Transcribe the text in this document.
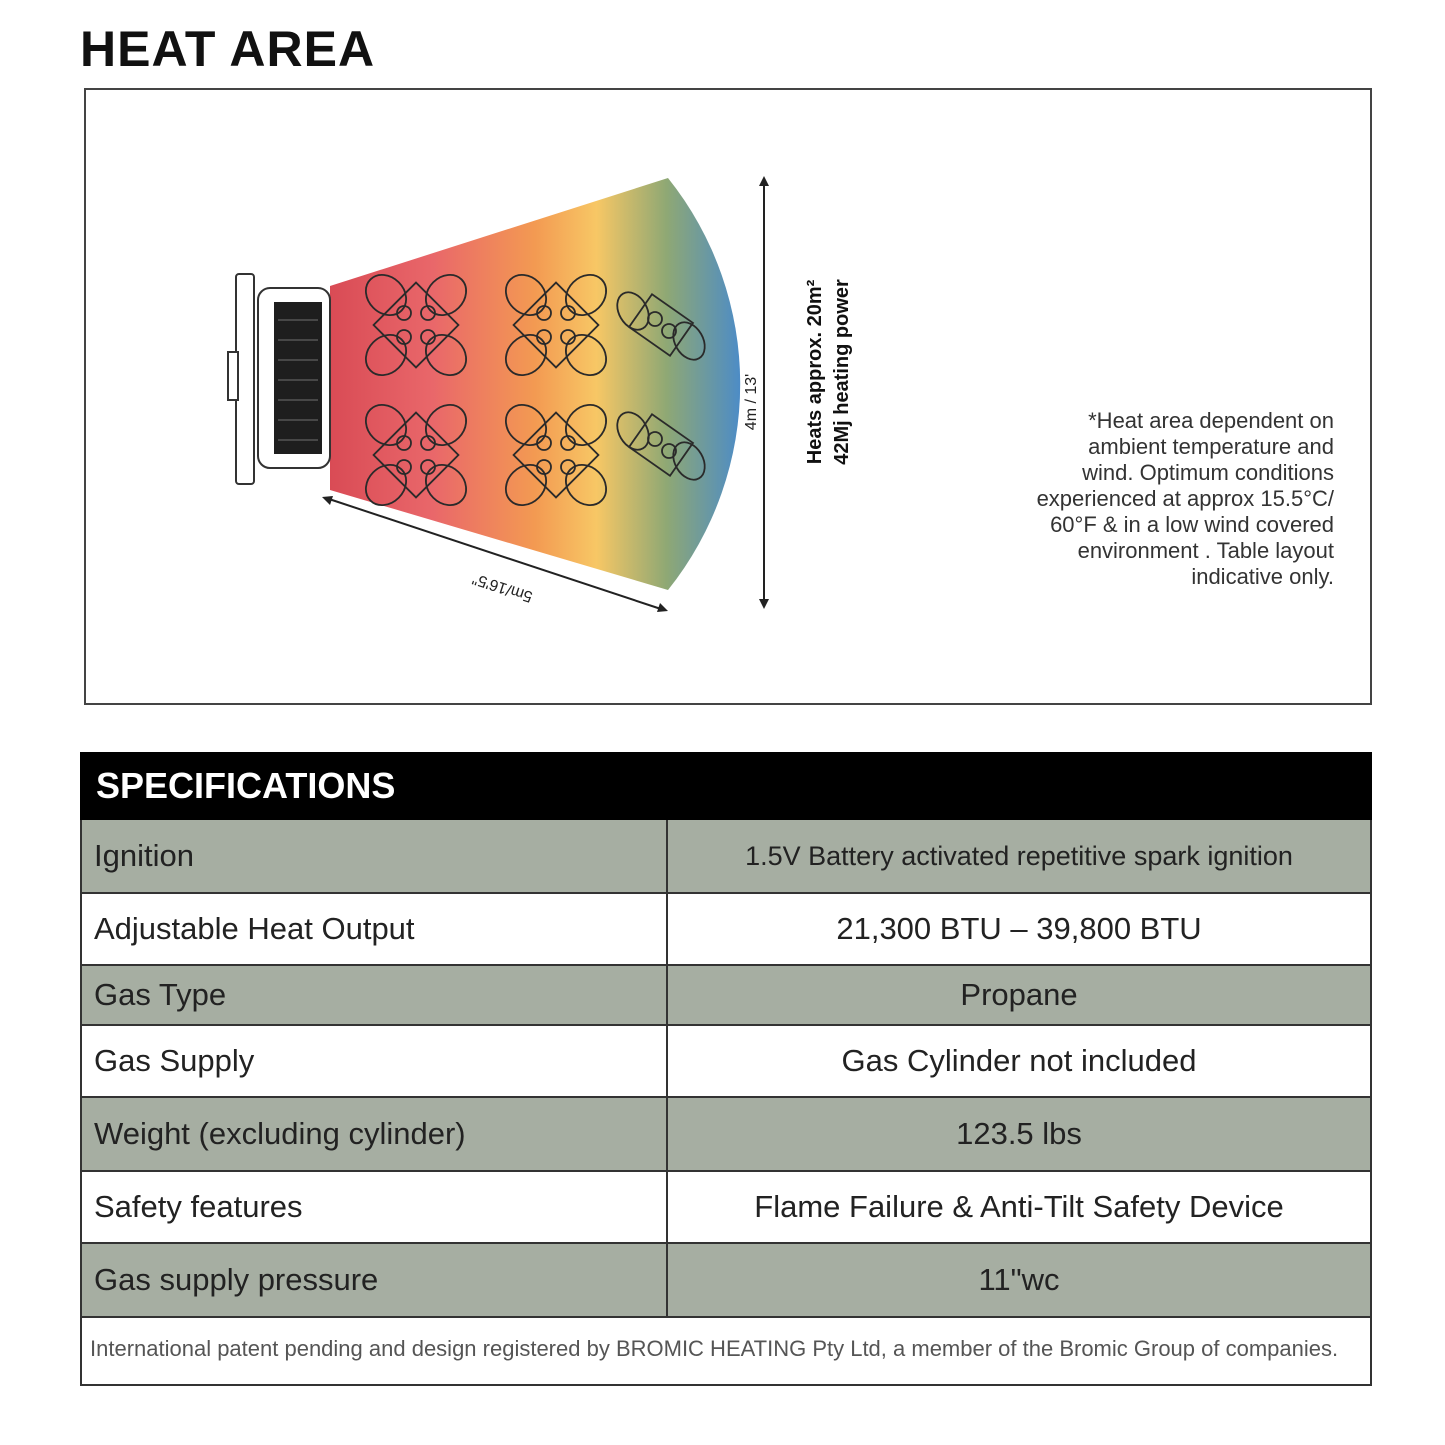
HEAT AREA
4m / 13'
5m/16'5"
Heats approx. 20m² 42Mj heating power	*Heat area dependent on ambient temperature and wind. Optimum conditions experienced at approx 15.5°C/ 60°F & in a low wind covered environment . Table layout indicative only.
SPECIFICATIONS	
Ignition	1.5V Battery activated repetitive spark ignition
Adjustable Heat Output	21,300 BTU – 39,800 BTU
Gas Type	Propane
Gas Supply	Gas Cylinder not included
Weight (excluding cylinder)	123.5 lbs
Safety features	Flame Failure & Anti-Tilt Safety Device
Gas supply pressure	11"wc
International patent pending and design registered by BROMIC HEATING Pty Ltd, a member of the Bromic Group of companies.	
